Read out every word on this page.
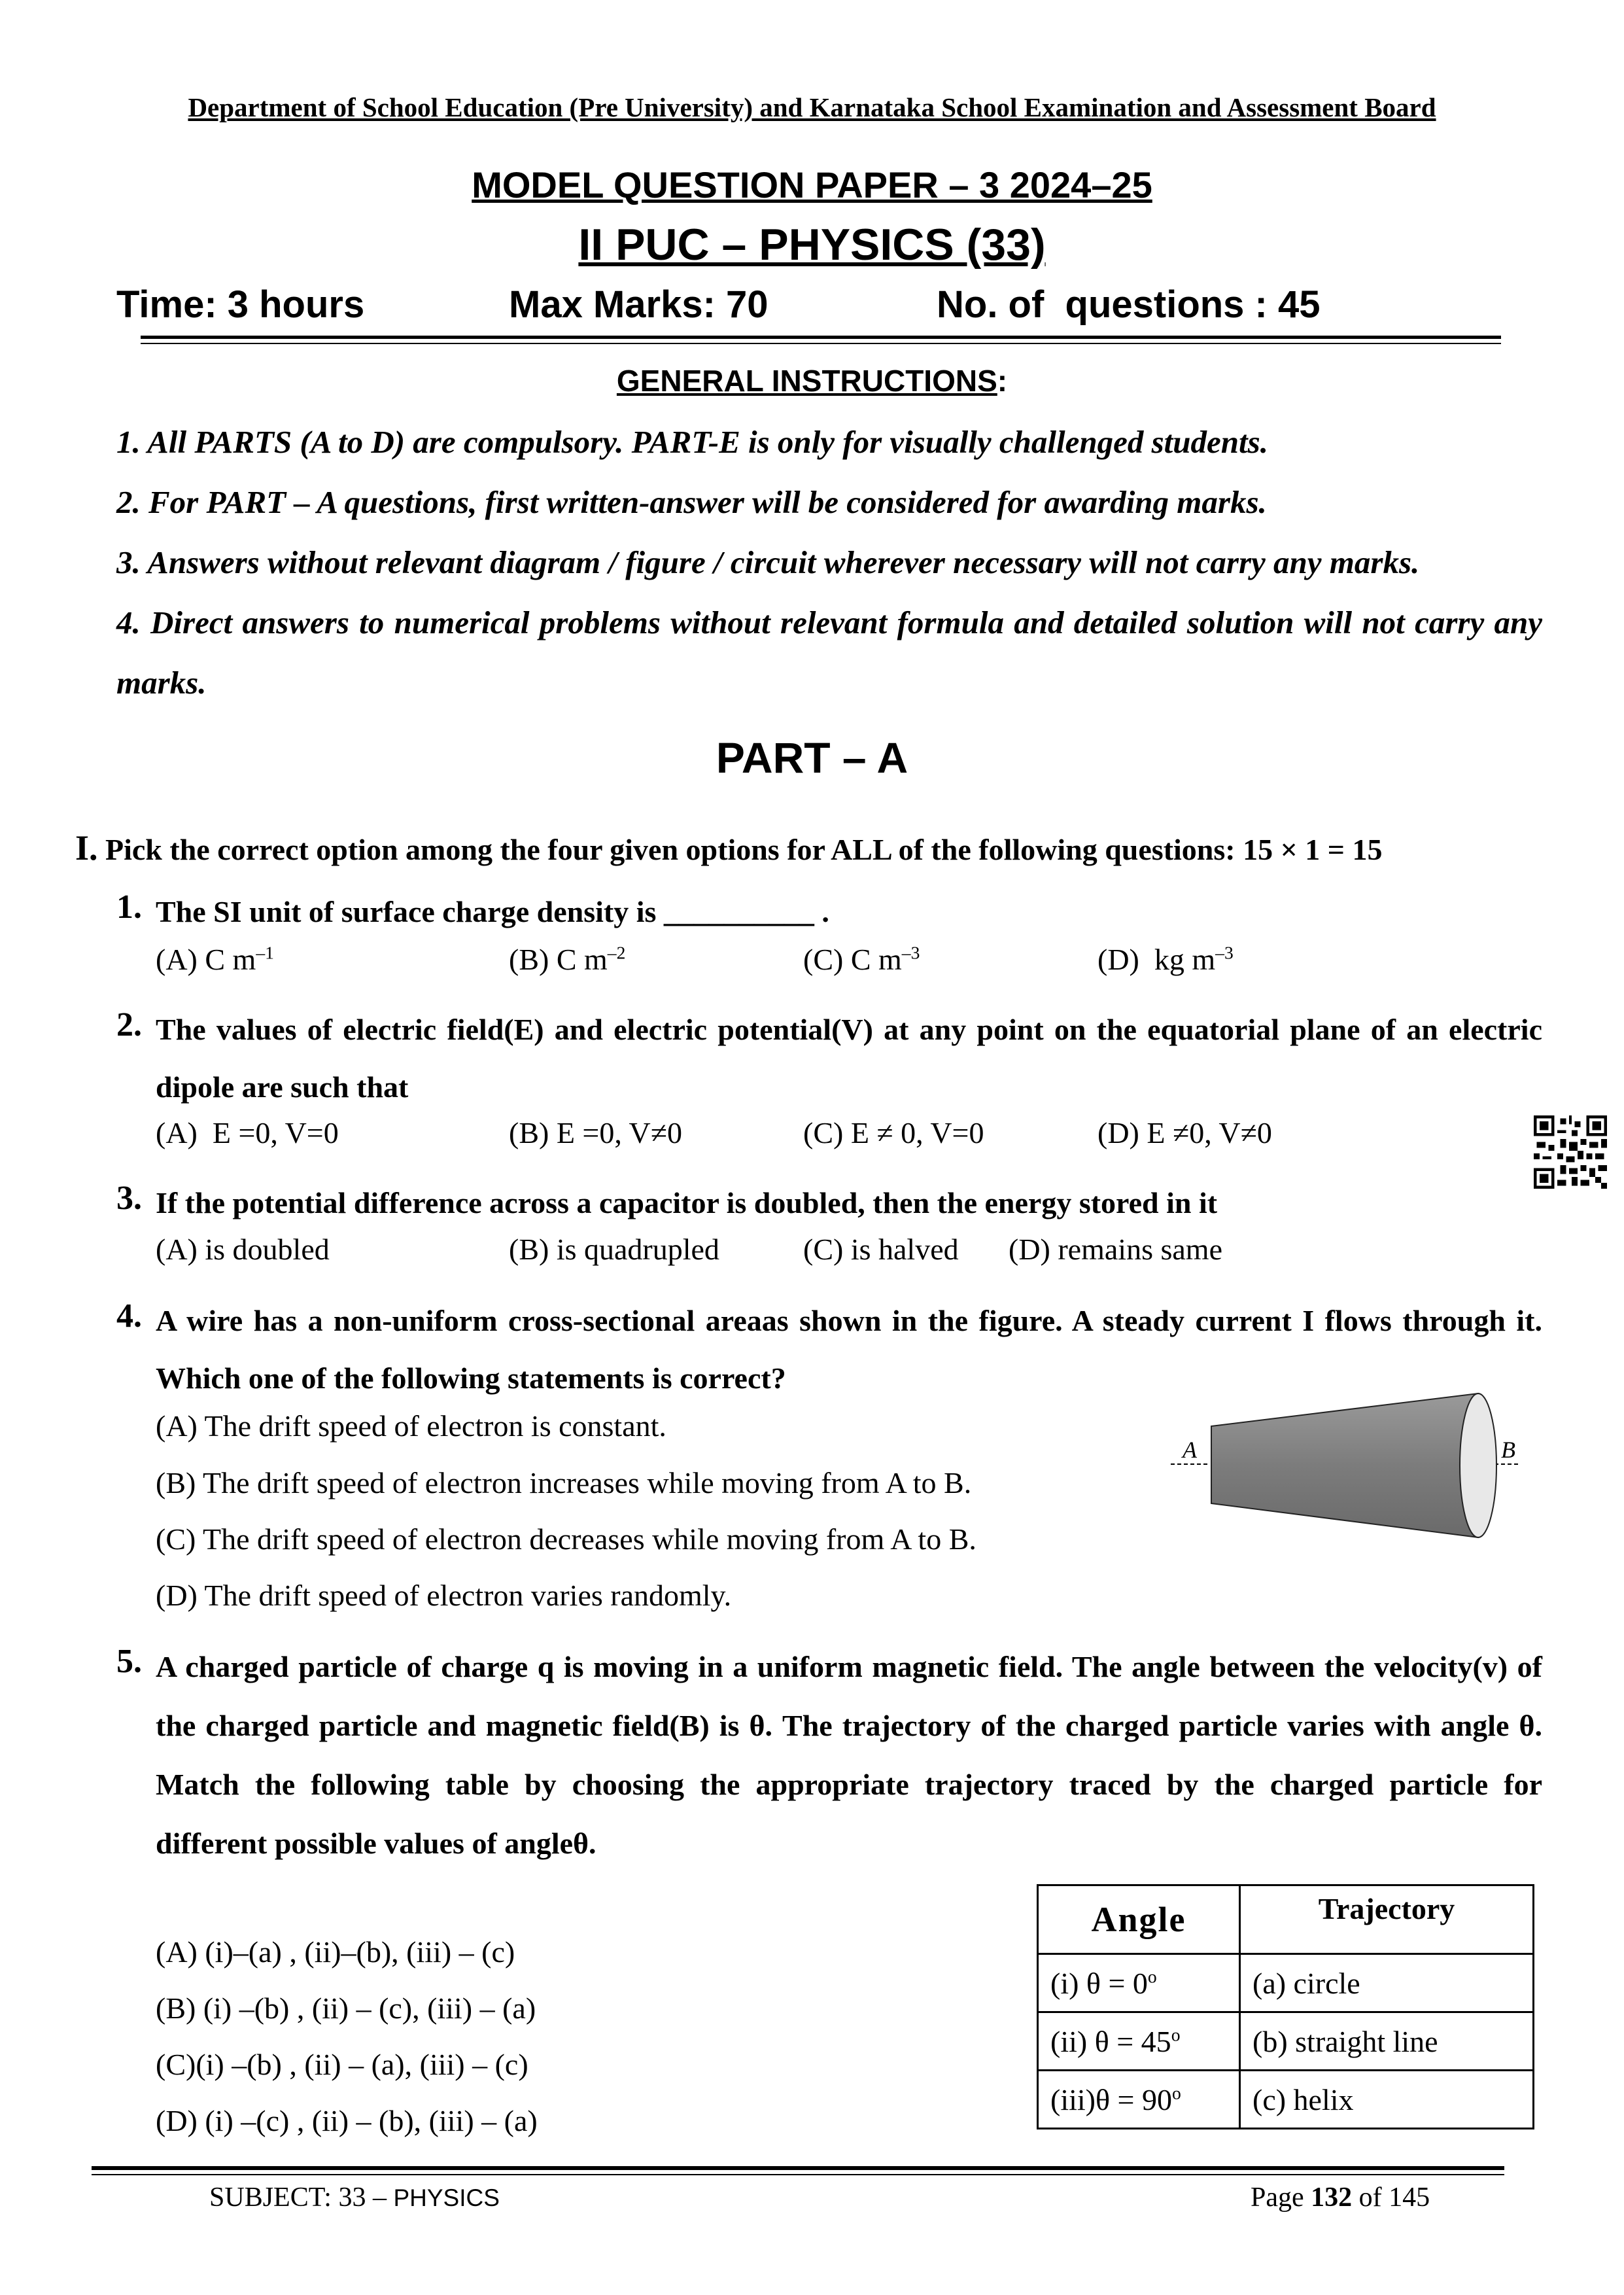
Department of School Education (Pre University) and Karnataka School Examination and Assessment Board
MODEL QUESTION PAPER – 3 2024–25
II PUC – PHYSICS (33)
Time: 3 hours	Max Marks: 70	No. of  questions : 45
GENERAL INSTRUCTIONS:
1. All PARTS (A to D) are compulsory. PART-E is only for visually challenged students.
2. For PART – A questions, first written-answer will be considered for awarding marks.
3. Answers without relevant diagram / figure / circuit wherever necessary will not carry any marks.
4. Direct answers to numerical problems without relevant formula and detailed solution will not carry any marks.
PART – A
I. Pick the correct option among the four given options for ALL of the following questions: 15 × 1 = 15
1. The SI unit of surface charge density is __________ .
(A) C $m^{-1}$	(B) C $m^{-2}$	(C) C $m^{-3}$	(D)  kg $m^{-3}$
2. The values of electric field(E) and electric potential(V) at any point on the equatorial plane of an electric dipole are such that
(A)  E =0, V=0	(B) E =0, V≠0	(C) E ≠ 0, V=0	(D) E ≠0, V≠0
3. If the potential difference across a capacitor is doubled, then the energy stored in it
(A) is doubled	(B) is quadrupled	(C) is halved (D) remains same
4. A wire has a non-uniform cross-sectional areaas shown in the figure. A steady current I flows through it. Which one of the following statements is correct?
(A) The drift speed of electron is constant.
(B) The drift speed of electron increases while moving from A to B.
(C) The drift speed of electron decreases while moving from A to B.
(D) The drift speed of electron varies randomly.
A	B
5. A charged particle of charge q is moving in a uniform magnetic field. The angle between the velocity(v) of the charged particle and magnetic field(B) is θ. The trajectory of the charged particle varies with angle θ. Match the following table by choosing the appropriate trajectory traced by the charged particle for different possible values of angleθ.
(A) (i)–(a) , (ii)–(b), (iii) – (c)
(B) (i) –(b) , (ii) – (c), (iii) – (a)
(C)(i) –(b) , (ii) – (a), (iii) – (c)
(D) (i) –(c) , (ii) – (b), (iii) – (a)
Angle	Trajectory
(i) $\theta = 0^o$	(a) circle
(ii) $\theta = 45^o$	(b) straight line
$(iii)\theta = 90^o$	(c) helix
SUBJECT: 33 – PHYSICS	Page 132 of 145
